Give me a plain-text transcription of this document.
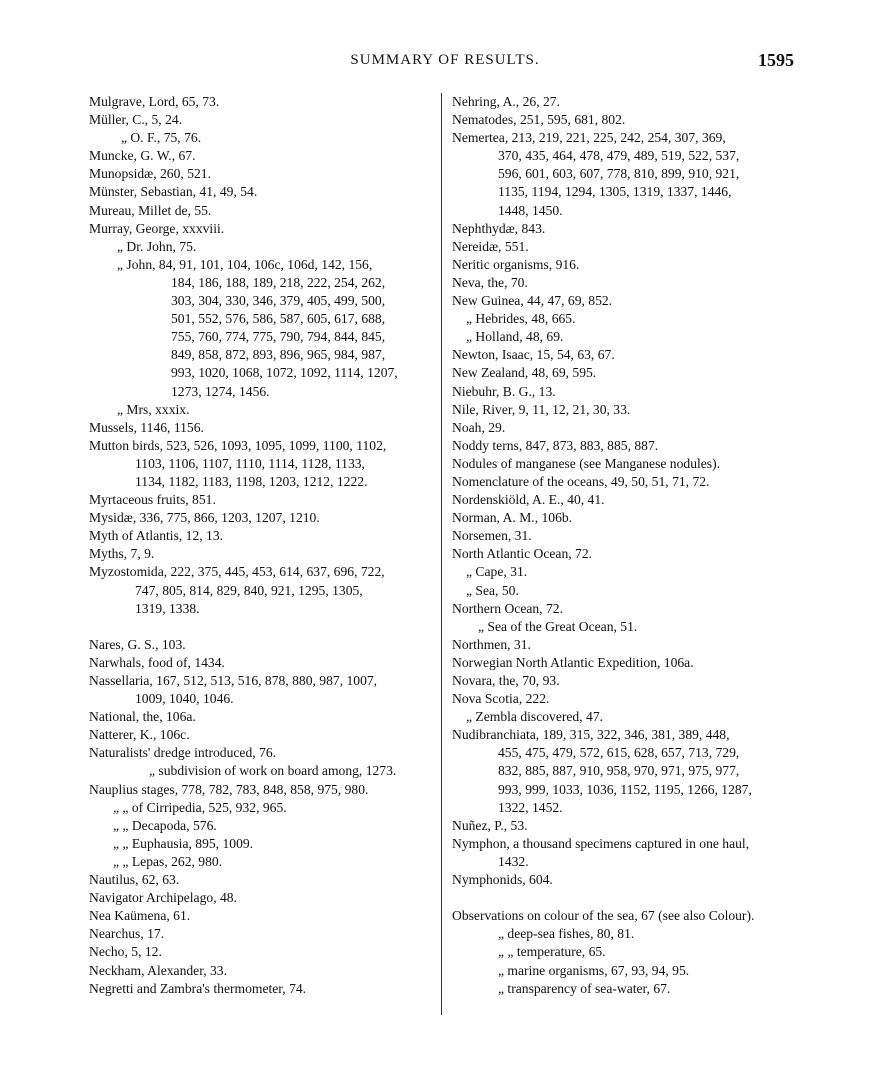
SUMMARY OF RESULTS.	1595
Mulgrave, Lord, 65, 73.
Müller, C., 5, 24.
„ O. F., 75, 76.
Muncke, G. W., 67.
Munopsidæ, 260, 521.
Münster, Sebastian, 41, 49, 54.
Mureau, Millet de, 55.
Murray, George, xxxviii.
„ Dr. John, 75.
„ John, 84, 91, 101, 104, 106c, 106d, 142, 156,
184, 186, 188, 189, 218, 222, 254, 262,
303, 304, 330, 346, 379, 405, 499, 500,
501, 552, 576, 586, 587, 605, 617, 688,
755, 760, 774, 775, 790, 794, 844, 845,
849, 858, 872, 893, 896, 965, 984, 987,
993, 1020, 1068, 1072, 1092, 1114, 1207,
1273, 1274, 1456.
„ Mrs, xxxix.
Mussels, 1146, 1156.
Mutton birds, 523, 526, 1093, 1095, 1099, 1100, 1102,
1103, 1106, 1107, 1110, 1114, 1128, 1133,
1134, 1182, 1183, 1198, 1203, 1212, 1222.
Myrtaceous fruits, 851.
Mysidæ, 336, 775, 866, 1203, 1207, 1210.
Myth of Atlantis, 12, 13.
Myths, 7, 9.
Myzostomida, 222, 375, 445, 453, 614, 637, 696, 722,
747, 805, 814, 829, 840, 921, 1295, 1305,
1319, 1338.
Nares, G. S., 103.
Narwhals, food of, 1434.
Nassellaria, 167, 512, 513, 516, 878, 880, 987, 1007,
1009, 1040, 1046.
National, the, 106a.
Natterer, K., 106c.
Naturalists' dredge introduced, 76.
„ subdivision of work on board among, 1273.
Nauplius stages, 778, 782, 783, 848, 858, 975, 980.
„ „ of Cirripedia, 525, 932, 965.
„ „ Decapoda, 576.
„ „ Euphausia, 895, 1009.
„ „ Lepas, 262, 980.
Nautilus, 62, 63.
Navigator Archipelago, 48.
Nea Kaümena, 61.
Nearchus, 17.
Necho, 5, 12.
Neckham, Alexander, 33.
Negretti and Zambra's thermometer, 74.
Nehring, A., 26, 27.
Nematodes, 251, 595, 681, 802.
Nemertea, 213, 219, 221, 225, 242, 254, 307, 369,
370, 435, 464, 478, 479, 489, 519, 522, 537,
596, 601, 603, 607, 778, 810, 899, 910, 921,
1135, 1194, 1294, 1305, 1319, 1337, 1446,
1448, 1450.
Nephthydæ, 843.
Nereidæ, 551.
Neritic organisms, 916.
Neva, the, 70.
New Guinea, 44, 47, 69, 852.
„ Hebrides, 48, 665.
„ Holland, 48, 69.
Newton, Isaac, 15, 54, 63, 67.
New Zealand, 48, 69, 595.
Niebuhr, B. G., 13.
Nile, River, 9, 11, 12, 21, 30, 33.
Noah, 29.
Noddy terns, 847, 873, 883, 885, 887.
Nodules of manganese (see Manganese nodules).
Nomenclature of the oceans, 49, 50, 51, 71, 72.
Nordenskiöld, A. E., 40, 41.
Norman, A. M., 106b.
Norsemen, 31.
North Atlantic Ocean, 72.
„ Cape, 31.
„ Sea, 50.
Northern Ocean, 72.
„ Sea of the Great Ocean, 51.
Northmen, 31.
Norwegian North Atlantic Expedition, 106a.
Novara, the, 70, 93.
Nova Scotia, 222.
„ Zembla discovered, 47.
Nudibranchiata, 189, 315, 322, 346, 381, 389, 448,
455, 475, 479, 572, 615, 628, 657, 713, 729,
832, 885, 887, 910, 958, 970, 971, 975, 977,
993, 999, 1033, 1036, 1152, 1195, 1266, 1287,
1322, 1452.
Nuñez, P., 53.
Nymphon, a thousand specimens captured in one haul,
1432.
Nymphonids, 604.
Observations on colour of the sea, 67 (see also Colour).
„ deep-sea fishes, 80, 81.
„ „ temperature, 65.
„ marine organisms, 67, 93, 94, 95.
„ transparency of sea-water, 67.
